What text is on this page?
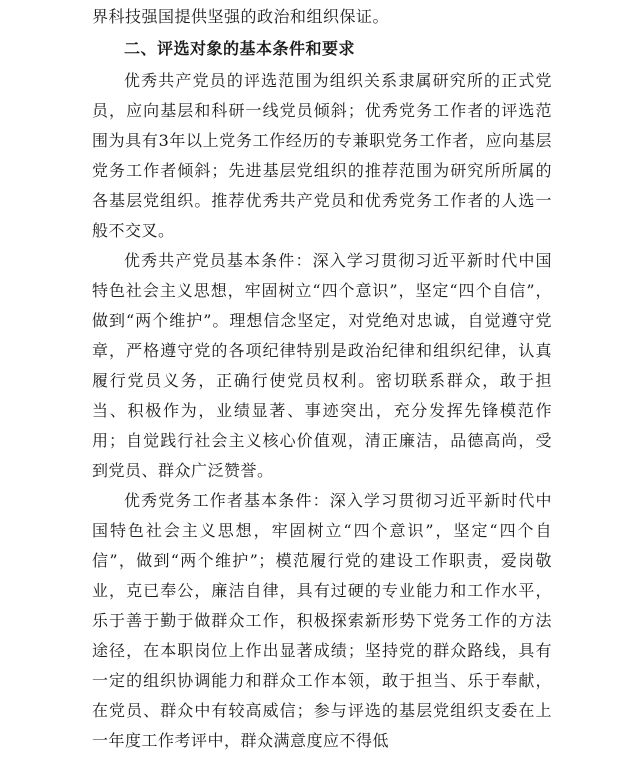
界科技强国提供坚强的政治和组织保证。

二、评选对象的基本条件和要求

优秀共产党员的评选范围为组织关系隶属研究所的正式党员，应向基层和科研一线党员倾斜；优秀党务工作者的评选范围为具有3年以上党务工作经历的专兼职党务工作者，应向基层党务工作者倾斜；先进基层党组织的推荐范围为研究所所属的各基层党组织。推荐优秀共产党员和优秀党务工作者的人选一般不交叉。

优秀共产党员基本条件：深入学习贯彻习近平新时代中国特色社会主义思想，牢固树立“四个意识”，坚定“四个自信”，做到“两个维护”。理想信念坚定，对党绝对忠诚，自觉遵守党章，严格遵守党的各项纪律特别是政治纪律和组织纪律，认真履行党员义务，正确行使党员权利。密切联系群众，敢于担当、积极作为，业绩显著、事迹突出，充分发挥先锋模范作用；自觉践行社会主义核心价值观，清正廉洁，品德高尚，受到党员、群众广泛赞誉。

优秀党务工作者基本条件：深入学习贯彻习近平新时代中国特色社会主义思想，牢固树立“四个意识”，坚定“四个自信”，做到“两个维护”；模范履行党的建设工作职责，爱岗敬业，克已奉公，廉洁自律，具有过硬的专业能力和工作水平，乐于善于勤于做群众工作，积极探索新形势下党务工作的方法途径，在本职岗位上作出显著成绩；坚持党的群众路线，具有一定的组织协调能力和群众工作本领，敢于担当、乐于奉献，在党员、群众中有较高威信；参与评选的基层党组织支委在上一年度工作考评中，群众满意度应不得低
